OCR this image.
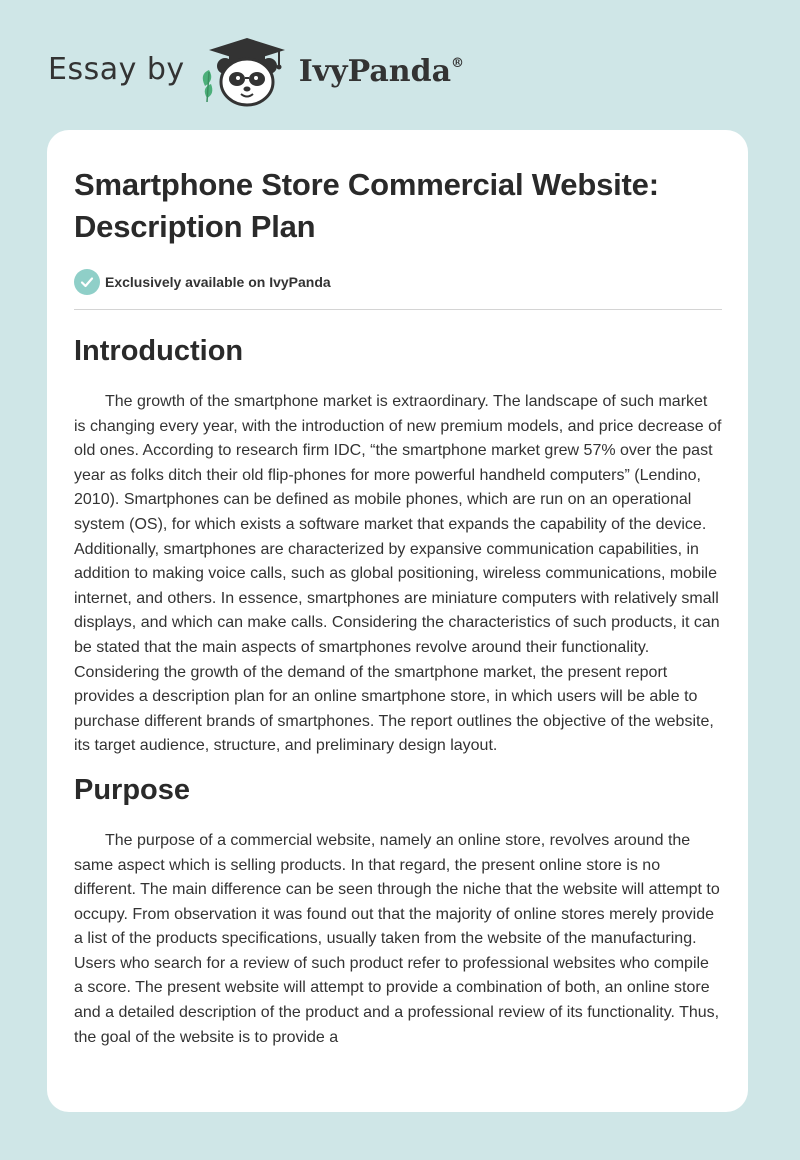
Essay by	IvyPanda®
Smartphone Store Commercial Website: Description Plan
Exclusively available on IvyPanda
Introduction

The growth of the smartphone market is extraordinary. The landscape of such market is changing every year, with the introduction of new premium models, and price decrease of old ones. According to research firm IDC, “the smartphone market grew 57% over the past year as folks ditch their old flip-phones for more powerful handheld computers” (Lendino, 2010). Smartphones can be defined as mobile phones, which are run on an operational system (OS), for which exists a software market that expands the capability of the device. Additionally, smartphones are characterized by expansive communication capabilities, in addition to making voice calls, such as global positioning, wireless communications, mobile internet, and others. In essence, smartphones are miniature computers with relatively small displays, and which can make calls. Considering the characteristics of such products, it can be stated that the main aspects of smartphones revolve around their functionality. Considering the growth of the demand of the smartphone market, the present report provides a description plan for an online smartphone store, in which users will be able to purchase different brands of smartphones. The report outlines the objective of the website, its target audience, structure, and preliminary design layout.

Purpose

The purpose of a commercial website, namely an online store, revolves around the same aspect which is selling products. In that regard, the present online store is no different. The main difference can be seen through the niche that the website will attempt to occupy. From observation it was found out that the majority of online stores merely provide a list of the products specifications, usually taken from the website of the manufacturing. Users who search for a review of such product refer to professional websites who compile a score. The present website will attempt to provide a combination of both, an online store and a detailed description of the product and a professional review of its functionality. Thus, the goal of the website is to provide a
